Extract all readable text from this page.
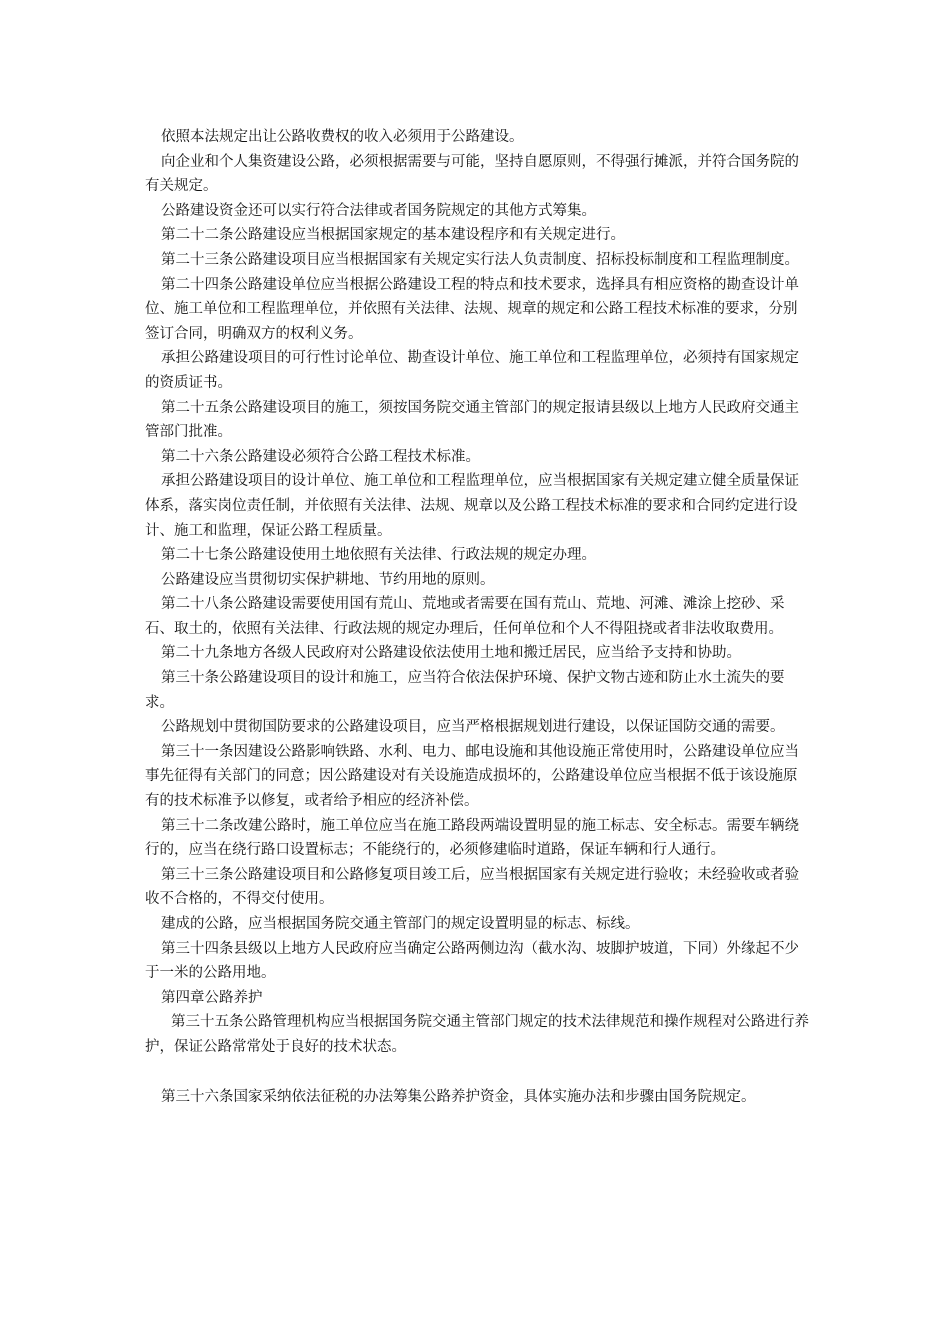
依照本法规定出让公路收费权的收入必须用于公路建设。

向企业和个人集资建设公路，必须根据需要与可能，坚持自愿原则，不得强行摊派，并符合国务院的有关规定。

公路建设资金还可以实行符合法律或者国务院规定的其他方式筹集。

第二十二条公路建设应当根据国家规定的基本建设程序和有关规定进行。

第二十三条公路建设项目应当根据国家有关规定实行法人负责制度、招标投标制度和工程监理制度。

第二十四条公路建设单位应当根据公路建设工程的特点和技术要求，选择具有相应资格的勘查设计单位、施工单位和工程监理单位，并依照有关法律、法规、规章的规定和公路工程技术标准的要求，分别签订合同，明确双方的权利义务。

承担公路建设项目的可行性讨论单位、勘查设计单位、施工单位和工程监理单位，必须持有国家规定的资质证书。

第二十五条公路建设项目的施工，须按国务院交通主管部门的规定报请县级以上地方人民政府交通主管部门批准。

第二十六条公路建设必须符合公路工程技术标准。

承担公路建设项目的设计单位、施工单位和工程监理单位，应当根据国家有关规定建立健全质量保证体系，落实岗位责任制，并依照有关法律、法规、规章以及公路工程技术标准的要求和合同约定进行设计、施工和监理，保证公路工程质量。

第二十七条公路建设使用土地依照有关法律、行政法规的规定办理。

公路建设应当贯彻切实保护耕地、节约用地的原则。

第二十八条公路建设需要使用国有荒山、荒地或者需要在国有荒山、荒地、河滩、滩涂上挖砂、采石、取土的，依照有关法律、行政法规的规定办理后，任何单位和个人不得阻挠或者非法收取费用。

第二十九条地方各级人民政府对公路建设依法使用土地和搬迁居民，应当给予支持和协助。

第三十条公路建设项目的设计和施工，应当符合依法保护环境、保护文物古迹和防止水土流失的要求。

公路规划中贯彻国防要求的公路建设项目，应当严格根据规划进行建设，以保证国防交通的需要。

第三十一条因建设公路影响铁路、水利、电力、邮电设施和其他设施正常使用时，公路建设单位应当事先征得有关部门的同意；因公路建设对有关设施造成损坏的，公路建设单位应当根据不低于该设施原有的技术标准予以修复，或者给予相应的经济补偿。

第三十二条改建公路时，施工单位应当在施工路段两端设置明显的施工标志、安全标志。需要车辆绕行的，应当在绕行路口设置标志；不能绕行的，必须修建临时道路，保证车辆和行人通行。

第三十三条公路建设项目和公路修复项目竣工后，应当根据国家有关规定进行验收；未经验收或者验收不合格的，不得交付使用。

建成的公路，应当根据国务院交通主管部门的规定设置明显的标志、标线。

第三十四条县级以上地方人民政府应当确定公路两侧边沟（截水沟、坡脚护坡道，下同）外缘起不少于一米的公路用地。

第四章公路养护

第三十五条公路管理机构应当根据国务院交通主管部门规定的技术法律规范和操作规程对公路进行养护，保证公路常常处于良好的技术状态。

第三十六条国家采纳依法征税的办法筹集公路养护资金，具体实施办法和步骤由国务院规定。
